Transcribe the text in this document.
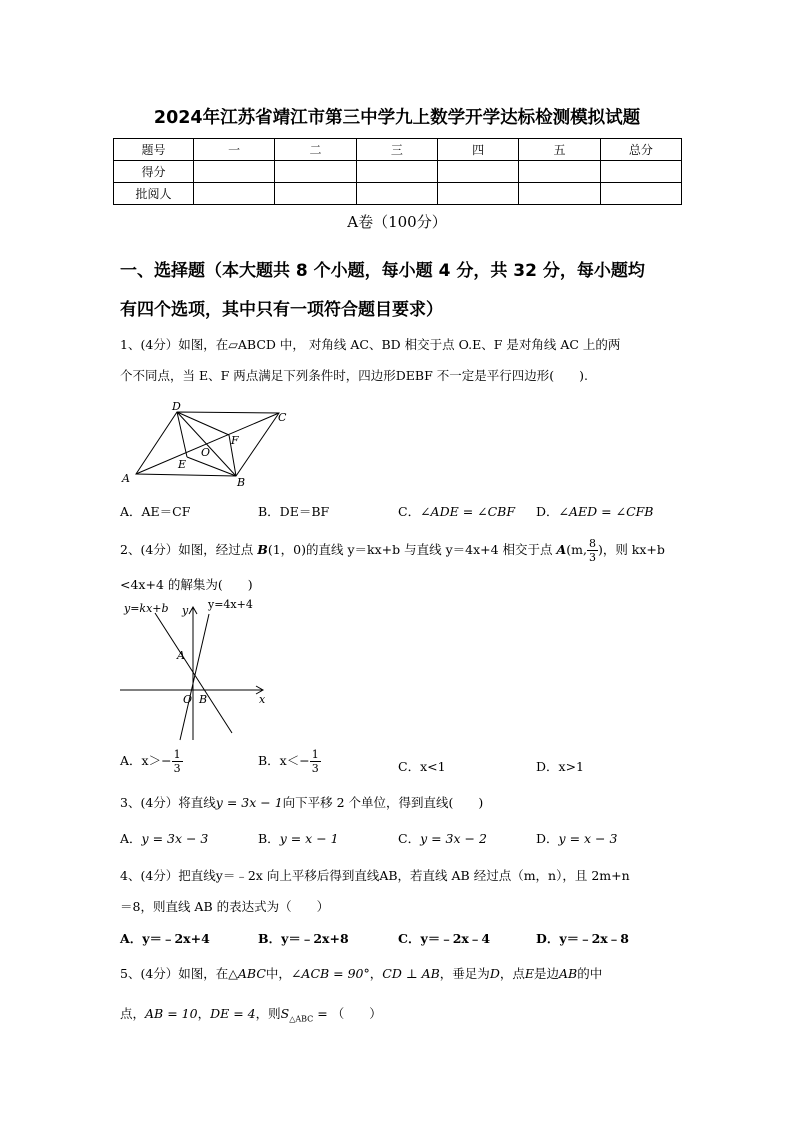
2024年江苏省靖江市第三中学九上数学开学达标检测模拟试题
题号	一	二	三	四	五	总分
得分						
批阅人						
A卷（100分）
一、选择题（本大题共 8 个小题，每小题 4 分，共 32 分，每小题均
有四个选项，其中只有一项符合题目要求）
1、(4分）如图，在▱ABCD 中， 对角线 AC、BD 相交于点 O.E、F 是对角线 AC 上的两
个不同点，当 E、F 两点满足下列条件时，四边形DEBF 不一定是平行四边形(　　).
A	B
C
D
E
F
O
A．AE＝CF	B．DE＝BF	C．∠ADE = ∠CBF D．∠AED = ∠CFB
2、(4分）如图，经过点 B(1，0)的直线 y＝kx+b 与直线 y＝4x+4 相交于点 A(m, $\frac{8}{3}$ )，则 kx+b
<4x+4 的解集为(　　)
y=kx+b	y=4x+4
y
x
A
O B
A．$x>- \frac{1}{3}$	B．$x<- \frac{1}{3}$	C．x<1	D．x>1
3、(4分）将直线y = 3x − 1向下平移 2 个单位，得到直线(　　)
A．y = 3x − 3	B．y = x − 1	C．y = 3x − 2	D．y = x − 3
4、(4分）把直线y＝﹣2x 向上平移后得到直线AB，若直线 AB 经过点（m，n），且 2m+n
＝8，则直线 AB 的表达式为（　　）
A．y＝﹣2x+4	B．y＝﹣2x+8	C．y＝﹣2x﹣4	D．y＝﹣2x﹣8
5、(4分）如图，在△ABC中，∠ACB = 90°，CD ⊥ AB，垂足为D，点E是边AB的中
点，AB = 10，DE = 4，则$S_{\triangle ABC}$ = （　　）
